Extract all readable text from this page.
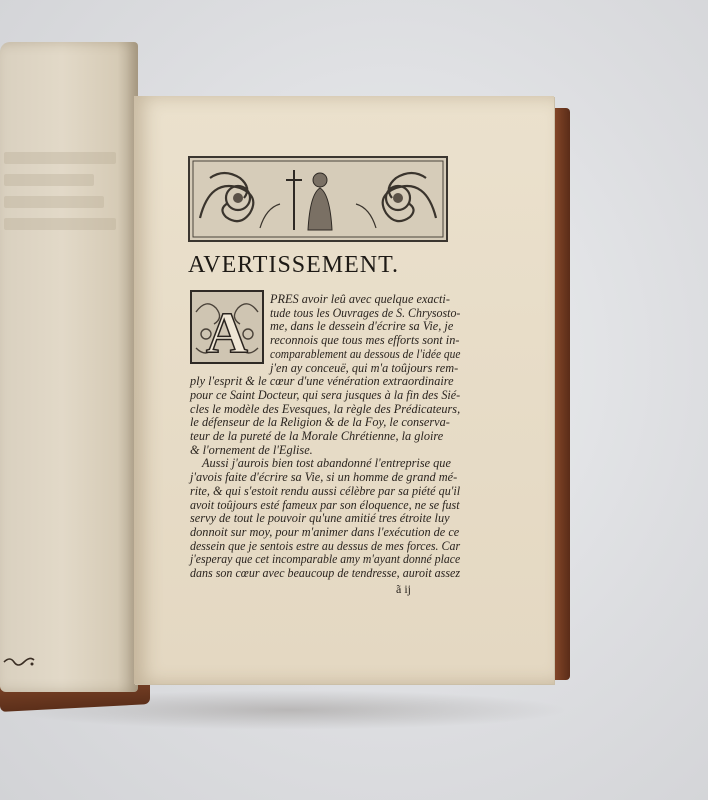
AVERTISSEMENT.
A
PRES avoir leû avec quelque exacti-
tude tous les Ouvrages de S. Chrysosto-
me, dans le dessein d'écrire sa Vie, je
reconnois que tous mes efforts sont in-
comparablement au dessous de l'idée que
j'en ay conceuë, qui m'a toûjours rem-
ply l'esprit & le cœur d'une vénération extraordinaire
pour ce Saint Docteur, qui sera jusques à la fin des Sié-
cles le modèle des Evesques, la règle des Prédicateurs,
le défenseur de la Religion & de la Foy, le conserva-
teur de la pureté de la Morale Chrétienne, la gloire
& l'ornement de l'Eglise.
Aussi j'aurois bien tost abandonné l'entreprise que
j'avois faite d'écrire sa Vie, si un homme de grand mé-
rite, & qui s'estoit rendu aussi célèbre par sa piété qu'il
avoit toûjours esté fameux par son éloquence, ne se fust
servy de tout le pouvoir qu'une amitié tres étroite luy
donnoit sur moy, pour m'animer dans l'exécution de ce
dessein que je sentois estre au dessus de mes forces. Car
j'esperay que cet incomparable amy m'ayant donné place
dans son cœur avec beaucoup de tendresse, auroit assez
ã ij
